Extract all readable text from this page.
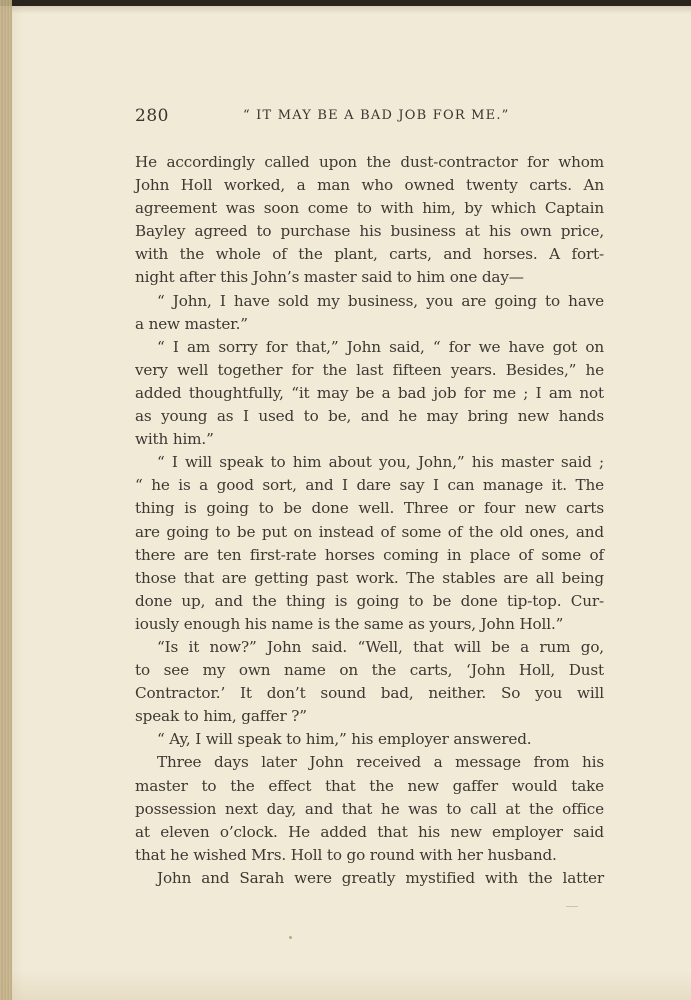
280	“ IT MAY BE A BAD JOB FOR ME.”
He accordingly called upon the dust-contractor for whom
John Holl worked, a man who owned twenty carts. An
agreement was soon come to with him, by which Captain
Bayley agreed to purchase his business at his own price,
with the whole of the plant, carts, and horses. A fort-
night after this John’s master said to him one day—
“ John, I have sold my business, you are going to have
a new master.”
“ I am sorry for that,” John said, “ for we have got on
very well together for the last fifteen years. Besides,” he
added thoughtfully, “it may be a bad job for me ; I am not
as young as I used to be, and he may bring new hands
with him.”
“ I will speak to him about you, John,” his master said ;
“ he is a good sort, and I dare say I can manage it. The
thing is going to be done well. Three or four new carts
are going to be put on instead of some of the old ones, and
there are ten first-rate horses coming in place of some of
those that are getting past work. The stables are all being
done up, and the thing is going to be done tip-top. Cur-
iously enough his name is the same as yours, John Holl.”
“Is it now?” John said. “Well, that will be a rum go,
to see my own name on the carts, ‘John Holl, Dust
Contractor.’ It don’t sound bad, neither. So you will
speak to him, gaffer ?”
“ Ay, I will speak to him,” his employer answered.
Three days later John received a message from his
master to the effect that the new gaffer would take
possession next day, and that he was to call at the office
at eleven o’clock. He added that his new employer said
that he wished Mrs. Holl to go round with her husband.
John and Sarah were greatly mystified with the latter
